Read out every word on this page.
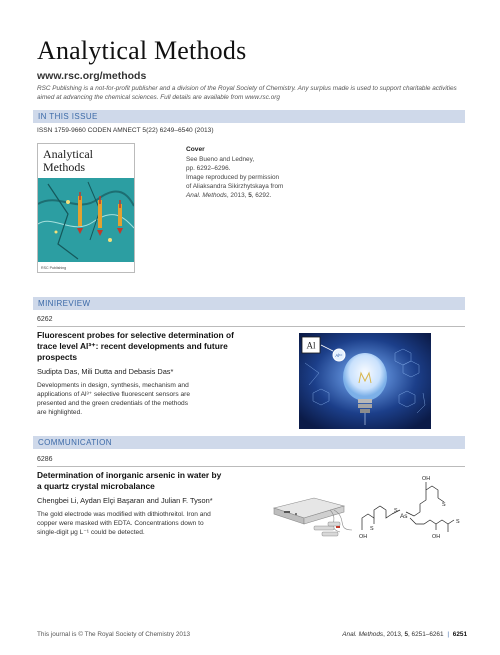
Analytical Methods
www.rsc.org/methods
RSC Publishing is a not-for-profit publisher and a division of the Royal Society of Chemistry. Any surplus made is used to support charitable activities aimed at advancing the chemical sciences. Full details are available from www.rsc.org
IN THIS ISSUE
ISSN 1759-9660 CODEN AMNECT 5(22) 6249–6540 (2013)
Analytical
Methods
RSC Publishing
Cover
See Bueno and Ledney,
pp. 6292–6296.
Image reproduced by permission
of Aliaksandra Sikirzhytskaya from
Anal. Methods, 2013, 5, 6292.
MINIREVIEW
6262
Fluorescent probes for selective determination of
trace level Al³⁺: recent developments and future
prospects
Sudipta Das, Mili Dutta and Debasis Das*
Developments in design, synthesis, mechanism and
applications of Al³⁺ selective fluorescent sensors are
presented and the green credentials of the methods
are highlighted.
Al³⁺
Al
COMMUNICATION
6286
Determination of inorganic arsenic in water by
a quartz crystal microbalance
Chengbei Li, Aydan Elçi Başaran and Julian F. Tyson*
The gold electrode was modified with dithiothreitol. Iron and
copper were masked with EDTA. Concentrations down to
single-digit μg L⁻¹ could be detected.
OH
S
S
As
OH
S
OH
S
This journal is © The Royal Society of Chemistry 2013	Anal. Methods, 2013, 5, 6251–6261 | 6251
